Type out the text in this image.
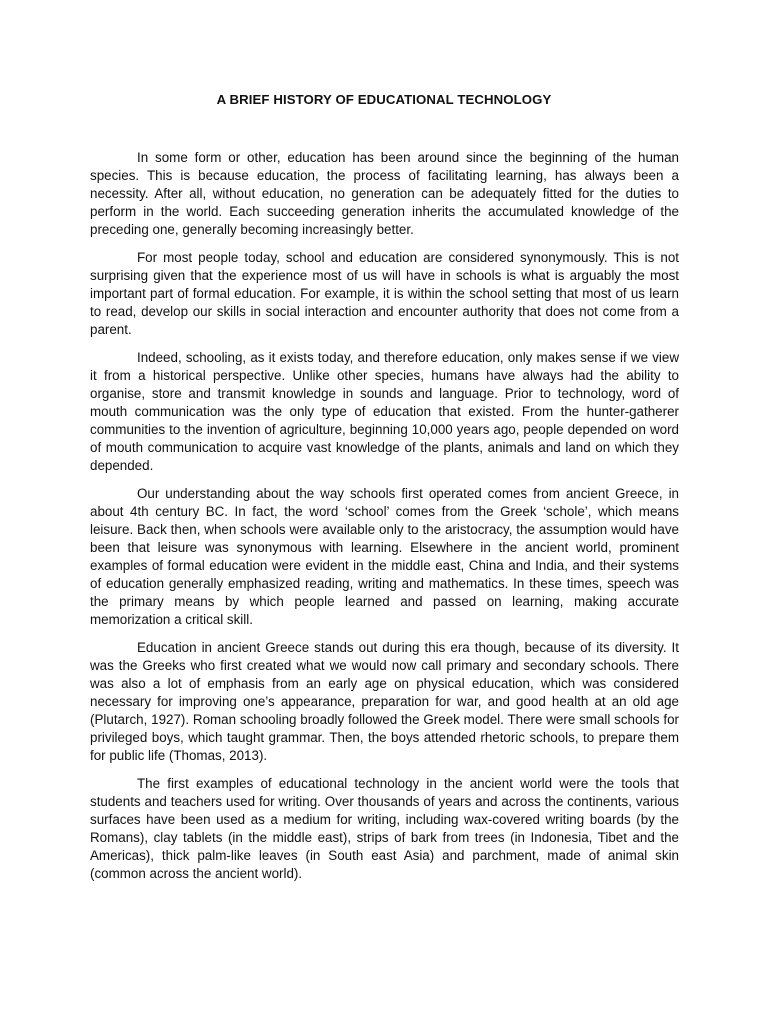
A BRIEF HISTORY OF EDUCATIONAL TECHNOLOGY

In some form or other, education has been around since the beginning of the human species. This is because education, the process of facilitating learning, has always been a necessity. After all, without education, no generation can be adequately fitted for the duties to perform in the world. Each succeeding generation inherits the accumulated knowledge of the preceding one, generally becoming increasingly better.

For most people today, school and education are considered synonymously. This is not surprising given that the experience most of us will have in schools is what is arguably the most important part of formal education. For example, it is within the school setting that most of us learn to read, develop our skills in social interaction and encounter authority that does not come from a parent.

Indeed, schooling, as it exists today, and therefore education, only makes sense if we view it from a historical perspective. Unlike other species, humans have always had the ability to organise, store and transmit knowledge in sounds and language. Prior to technology, word of mouth communication was the only type of education that existed. From the hunter-gatherer communities to the invention of agriculture, beginning 10,000 years ago, people depended on word of mouth communication to acquire vast knowledge of the plants, animals and land on which they depended.

Our understanding about the way schools first operated comes from ancient Greece, in about 4th century BC. In fact, the word ‘school’ comes from the Greek ‘schole’, which means leisure. Back then, when schools were available only to the aristocracy, the assumption would have been that leisure was synonymous with learning. Elsewhere in the ancient world, prominent examples of formal education were evident in the middle east, China and India, and their systems of education generally emphasized reading, writing and mathematics. In these times, speech was the primary means by which people learned and passed on learning, making accurate memorization a critical skill.

Education in ancient Greece stands out during this era though, because of its diversity. It was the Greeks who first created what we would now call primary and secondary schools. There was also a lot of emphasis from an early age on physical education, which was considered necessary for improving one’s appearance, preparation for war, and good health at an old age (Plutarch, 1927). Roman schooling broadly followed the Greek model. There were small schools for privileged boys, which taught grammar. Then, the boys attended rhetoric schools, to prepare them for public life (Thomas, 2013).

The first examples of educational technology in the ancient world were the tools that students and teachers used for writing. Over thousands of years and across the continents, various surfaces have been used as a medium for writing, including wax-covered writing boards (by the Romans), clay tablets (in the middle east), strips of bark from trees (in Indonesia, Tibet and the Americas), thick palm-like leaves (in South east Asia) and parchment, made of animal skin (common across the ancient world).
